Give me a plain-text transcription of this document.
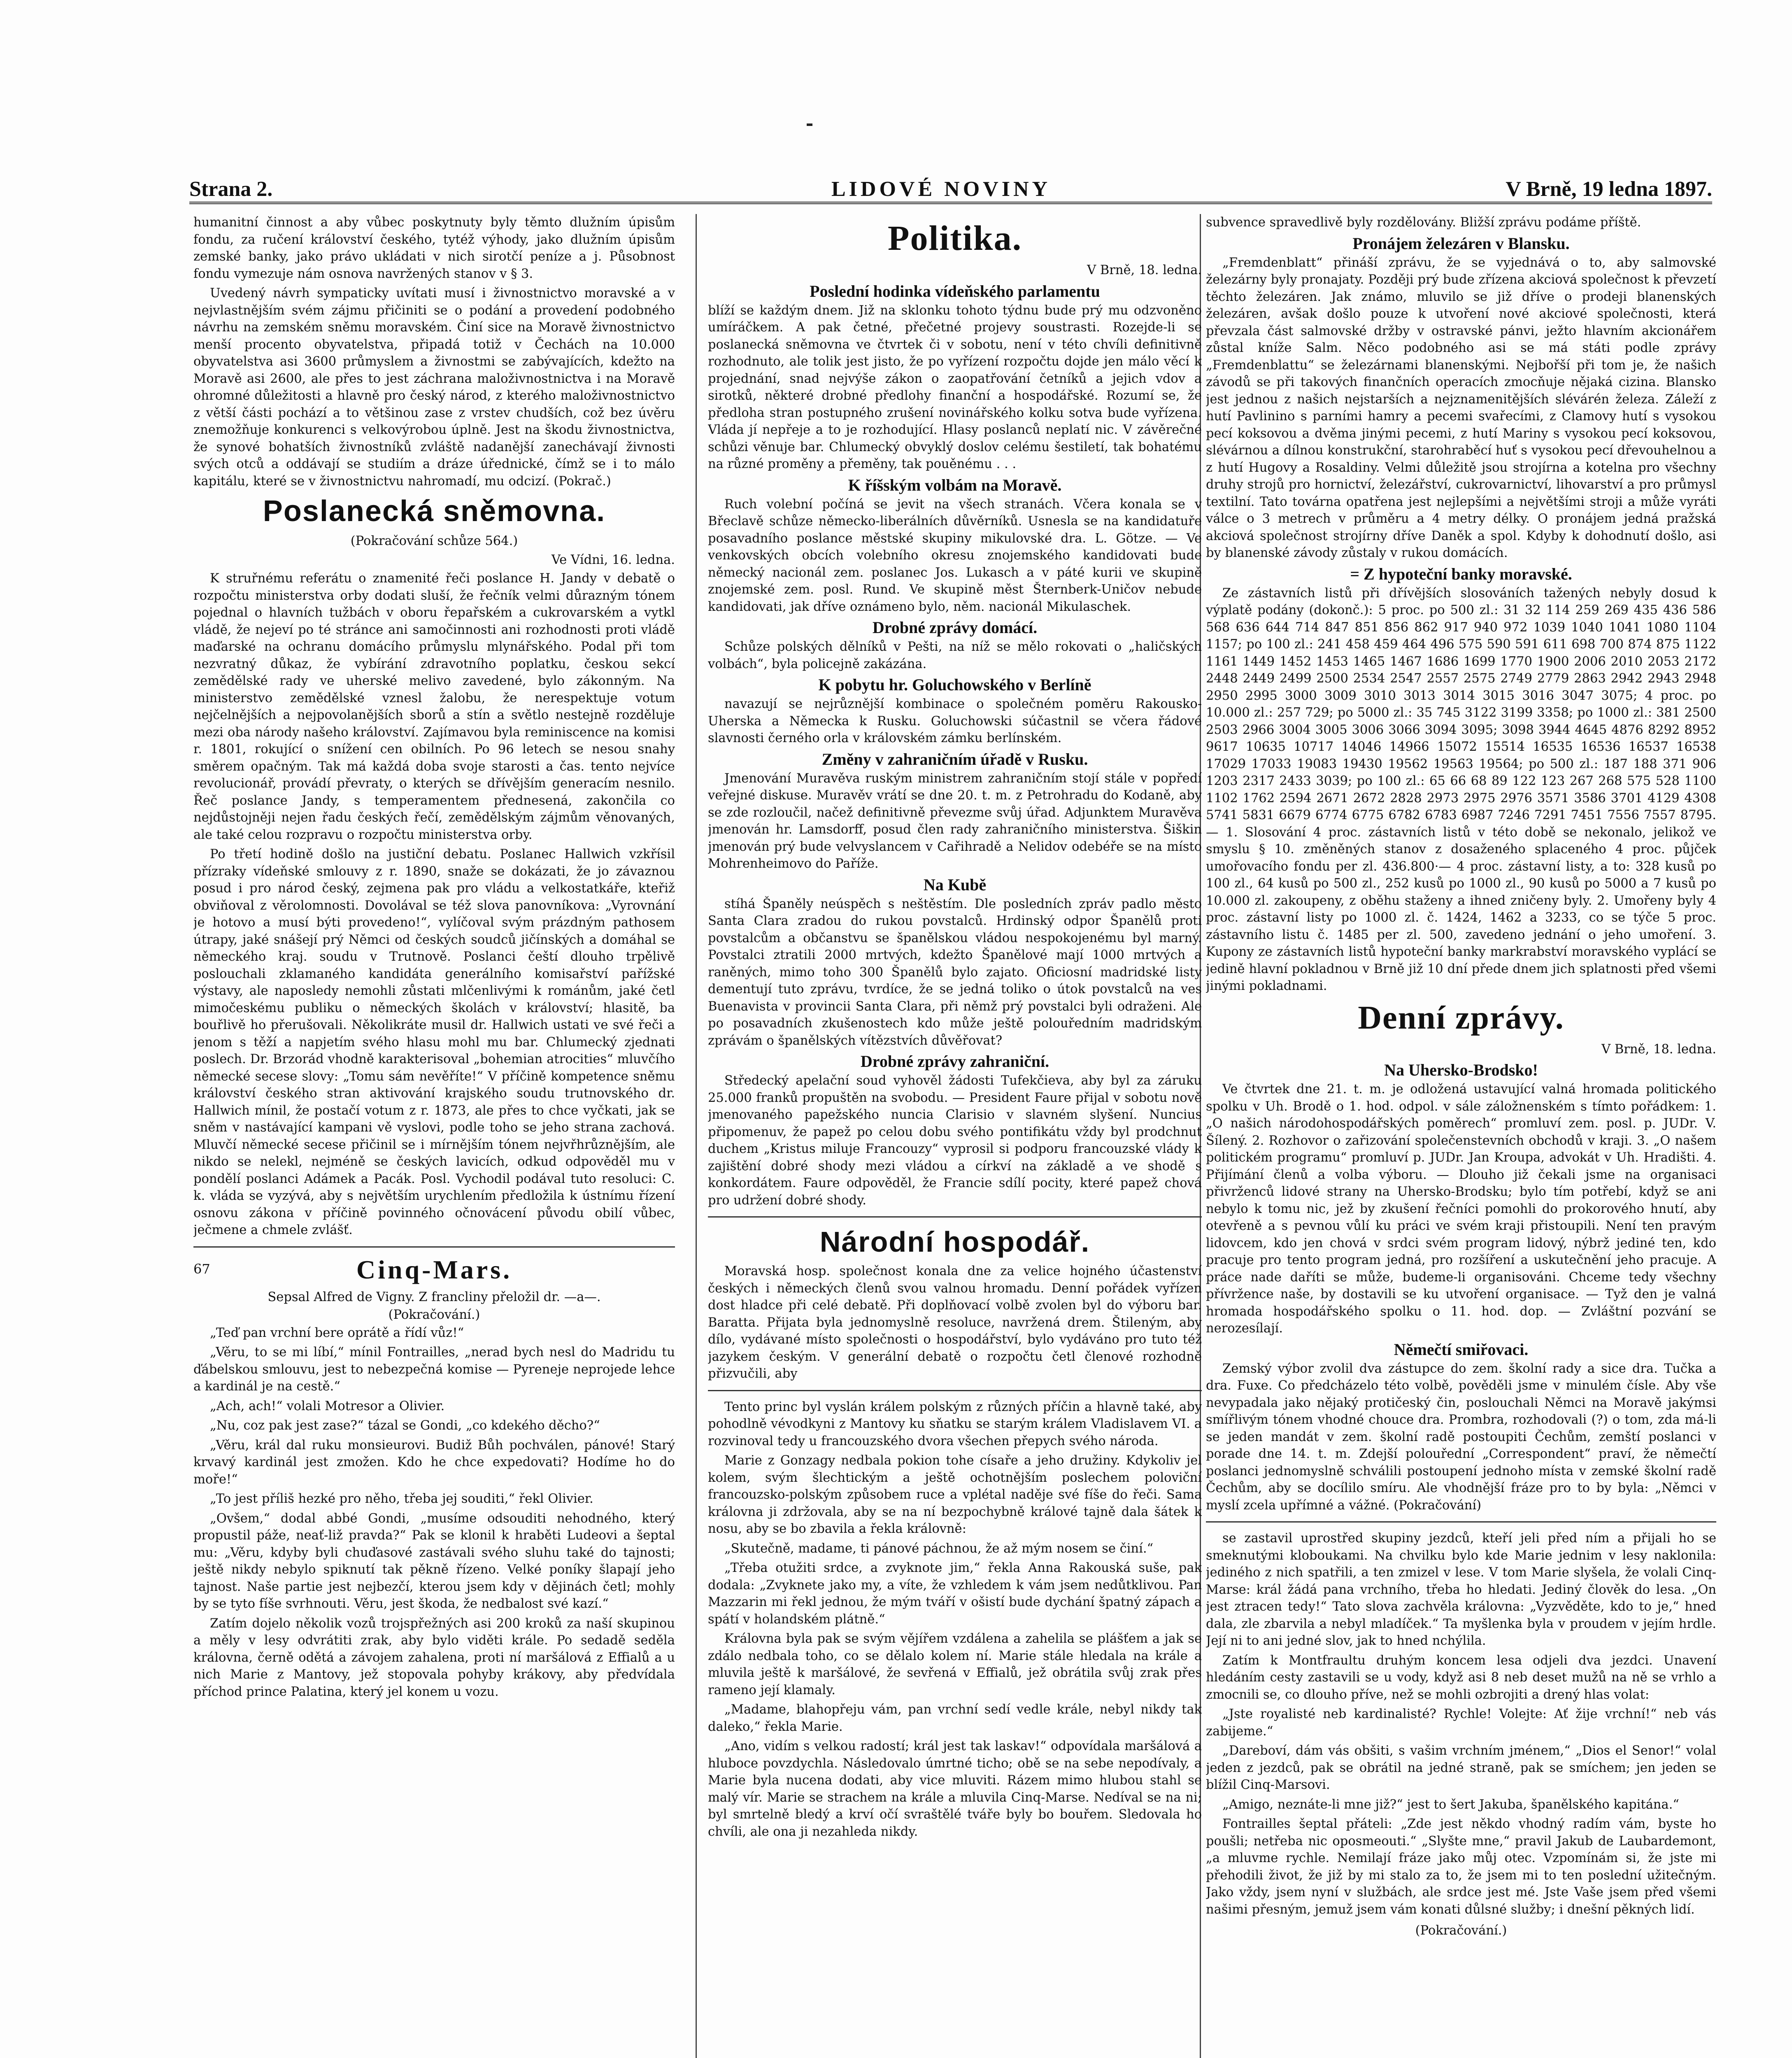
Strana 2.	LIDOVÉ NOVINY	V Brně, 19 ledna 1897.

humanitní činnost a aby vůbec poskytnuty byly těmto dlužním úpisům fondu, za ručení království českého, tytéž výhody, jako dlužním úpisům zemské banky, jako právo ukládati v nich sirotčí peníze a j. Působnost fondu vymezuje nám osnova navržených stanov v § 3.

Uvedený návrh sympaticky uvítati musí i živnostnictvo moravské a v nejvlastnějším svém zájmu přičiniti se o podání a provedení podobného návrhu na zemském sněmu moravském. Činí sice na Moravě živnostnictvo menší procento obyvatelstva, připadá totiž v Čechách na 10.000 obyvatelstva asi 3600 průmyslem a živnostmi se zabývajících, kdežto na Moravě asi 2600, ale přes to jest záchrana maloživnostnictva i na Moravě ohromné důležitosti a hlavně pro český národ, z kterého maloživnostnictvo z větší části pochází a to většinou zase z vrstev chudších, což bez úvěru znemožňuje konkurenci s velkovýrobou úplně. Jest na škodu živnostnictva, že synové bohatších živnostníků zvláště nadanější zanechávají živnosti svých otců a oddávají se studiím a dráze úřednické, čímž se i to málo kapitálu, které se v živnostnictvu nahromadí, mu odcizí. (Pokrač.)

Poslanecká sněmovna.

(Pokračování schůze 564.)

Ve Vídni, 16. ledna.

K struřnému referátu o znamenité řeči poslance H. Jandy v debatě o rozpočtu ministerstva orby dodati sluší, že řečník velmi důrazným tónem pojednal o hlavních tužbách v oboru řepařském a cukrovarském a vytkl vládě, že nejeví po té stránce ani samočinnosti ani rozhodnosti proti vládě maďarské na ochranu domácího průmyslu mlynářského. Podal při tom nezvratný důkaz, že vybírání zdravotního poplatku, českou sekcí zemědělské rady ve uherské melivo zavedené, bylo zákonným. Na ministerstvo zemědělské vznesl žalobu, že nerespektuje votum nejčelnějších a nejpovolanějších sborů a stín a světlo nestejně rozděluje mezi oba národy našeho království. Zajímavou byla reminiscence na komisi r. 1801, rokující o snížení cen obilních. Po 96 letech se nesou snahy směrem opačným. Tak má každá doba svoje starosti a čas. tento nejvíce revolucionář, provádí převraty, o kterých se dřívějším generacím nesnilo. Řeč poslance Jandy, s temperamentem přednesená, zakončila co nejdůstojněji nejen řadu českých řečí, zemědělským zájmům věnovaných, ale také celou rozpravu o rozpočtu ministerstva orby.

Po třetí hodině došlo na justiční debatu. Poslanec Hallwich vzkřísil přízraky vídeňské smlouvy z r. 1890, snaže se dokázati, že jo závaznou posud i pro národ český, zejmena pak pro vládu a velkostatkáře, kteřiž obviňoval z věrolomnosti. Dovolával se též slova panovníkova: „Vyrovnání je hotovo a musí býti provedeno!“, vylíčoval svým prázdným pathosem útrapy, jaké snášejí prý Němci od českých soudců jičínských a domáhal se německého kraj. soudu v Trutnově. Poslanci čeští dlouho trpělivě poslouchali zklamaného kandidáta generálního komisařství pařížské výstavy, ale naposledy nemohli zůstati mlčenlivými k románům, jaké četl mimočeskému publiku o německých školách v království; hlasitě, ba bouřlivě ho přerušovali. Několikráte musil dr. Hallwich ustati ve své řeči a jenom s těží a napjetím svého hlasu mohl mu bar. Chlumecký zjednati poslech. Dr. Brzorád vhodně karakterisoval „bohemian atrocities“ mluvčího německé secese slovy: „Tomu sám nevěříte!“ V příčině kompetence sněmu království českého stran aktivování krajského soudu trutnovského dr. Hallwich mínil, že postačí votum z r. 1873, ale přes to chce vyčkati, jak se sněm v nastávající kampani vě vyslovi, podle toho se jeho strana zachová. Mluvčí německé secese přičinil se i mírnějším tónem nejvřhrůznějším, ale nikdo se nelekl, nejméně se českých lavicích, odkud odpověděl mu v pondělí poslanci Adámek a Pacák. Posl. Vychodil podával tuto resoluci: C. k. vláda se vyzývá, aby s největším urychlením předložila k ústnímu řízení osnovu zákona v příčině povinného očnovácení původu obilí vůbec, ječmene a chmele zvlášť.

67	Cinq-Mars.

Sepsal Alfred de Vigny. Z francliny přeložil dr. —a—.

(Pokračování.)

„Teď pan vrchní bere oprátě a řídí vůz!“

„Věru, to se mi líbí,“ mínil Fontrailles, „nerad bych nesl do Madridu tu ďábelskou smlouvu, jest to nebezpečná komise — Pyreneje neprojede lehce a kardinál je na cestě.“

„Ach, ach!“ volali Motresor a Olivier.

„Nu, coz pak jest zase?“ tázal se Gondi, „co kdekého děcho?“

„Věru, král dal ruku monsieurovi. Budiž Bůh pochválen, pánové! Starý krvavý kardinál jest zmožen. Kdo he chce expedovati? Hodíme ho do moře!“

„To jest příliš hezké pro něho, třeba jej souditi,“ řekl Olivier.

„Ovšem,“ dodal abbé Gondi, „musíme odsouditi nehodného, který propustil páže, neať-liž pravda?“ Pak se klonil k hraběti Ludeovi a šeptal mu: „Věru, kdyby byli chuďasové zastávali svého sluhu také do tajnosti; ještě nikdy nebylo spiknutí tak pěkně řízeno. Velké poníky šlapají jeho tajnost. Naše partie jest nejbezčí, kterou jsem kdy v dějinách četl; mohly by se tyto fíše svrhnouti. Věru, jest škoda, že nedbalost své kazí.“

Zatím dojelo několik vozů trojspřežných asi 200 kroků za naší skupinou a měly v lesy odvrátiti zrak, aby bylo viděti krále. Po sedadě seděla královna, černě odětá a závojem zahalena, proti ní maršálová z Effialů a u nich Marie z Mantovy, jež stopovala pohyby krákovy, aby předvídala příchod prince Palatina, který jel konem u vozu.

Politika.

V Brně, 18. ledna.

Poslední hodinka vídeňského parlamentu

blíží se každým dnem. Již na sklonku tohoto týdnu bude prý mu odzvoněno umíráčkem. A pak četné, přečetné projevy soustrasti. Rozejde-li se poslanecká sněmovna ve čtvrtek či v sobotu, není v této chvíli definitivně rozhodnuto, ale tolik jest jisto, že po vyřízení rozpočtu dojde jen málo věcí k projednání, snad nejvýše zákon o zaopatřování četníků a jejich vdov a sirotků, některé drobné předlohy finanční a hospodářské. Rozumí se, že předloha stran postupného zrušení novinářského kolku sotva bude vyřízena. Vláda jí nepřeje a to je rozhodující. Hlasy poslanců neplatí nic. V závěrečné schůzi věnuje bar. Chlumecký obvyklý doslov celému šestiletí, tak bohatému na různé proměny a přeměny, tak pouěnému . . .

K říšským volbám na Moravě.

Ruch volební počíná se jevit na všech stranách. Včera konala se v Břeclavě schůze německo-liberálních důvěrníků. Usnesla se na kandidatuře posavadního poslance městské skupiny mikulovské dra. L. Götze. — Ve venkovských obcích volebního okresu znojemského kandidovati bude německý nacionál zem. poslanec Jos. Lukasch a v páté kurii ve skupině znojemské zem. posl. Rund. Ve skupině měst Šternberk-Uničov nebude kandidovati, jak dříve oznámeno bylo, něm. nacionál Mikulaschek.

Drobné zprávy domácí.

Schůze polských dělníků v Pešti, na níž se mělo rokovati o „haličských volbách“, byla policejně zakázána.

K pobytu hr. Goluchowského v Berlíně

navazují se nejrůznější kombinace o společném poměru Rakousko-Uherska a Německa k Rusku. Goluchowski súčastnil se včera řádové slavnosti černého orla v královském zámku berlínském.

Změny v zahraničním úřadě v Rusku.

Jmenování Muravěva ruským ministrem zahraničním stojí stále v popředí veřejné diskuse. Muravěv vrátí se dne 20. t. m. z Petrohradu do Kodaně, aby se zde rozloučil, načež definitivně převezme svůj úřad. Adjunktem Muravěva jmenován hr. Lamsdorff, posud člen rady zahraničního ministerstva. Šiškin jmenován prý bude velvyslancem v Cařihradě a Nelidov odebéře se na místo Mohrenheimovo do Paříže.

Na Kubě

stíhá Španěly neúspěch s neštěstím. Dle posledních zpráv padlo město Santa Clara zradou do rukou povstalců. Hrdinský odpor Španělů proti povstalcům a občanstvu se španělskou vládou nespokojenému byl marný. Povstalci ztratili 2000 mrtvých, kdežto Španělové mají 1000 mrtvých a raněných, mimo toho 300 Španělů bylo zajato. Oficiosní madridské listy dementují tuto zprávu, tvrdíce, že se jedná toliko o útok povstalců na ves Buenavista v provincii Santa Clara, při němž prý povstalci byli odraženi. Ale po posavadních zkušenostech kdo může ještě polouředním madridským zprávám o španělských vítězstvích důvěřovat?

Drobné zprávy zahraniční.

Středecký apelační soud vyhověl žádosti Tufekčieva, aby byl za záruku 25.000 franků propuštěn na svobodu. — President Faure přijal v sobotu nově jmenovaného papežského nuncia Clarisio v slavném slyšení. Nuncius připomenuv, že papež po celou dobu svého pontifikátu vždy byl prodchnut duchem „Kristus miluje Francouzy“ vyprosil si podporu francouzské vlády k zajištění dobré shody mezi vládou a církví na základě a ve shodě s konkordátem. Faure odpověděl, že Francie sdílí pocity, které papež chová pro udržení dobré shody.

Národní hospodář.

Moravská hosp. společnost konala dne za velice hojného účastenství českých i německých členů svou valnou hromadu. Denní pořádek vyřízen dost hladce při celé debatě. Při doplňovací volbě zvolen byl do výboru bar. Baratta. Přijata byla jednomyslně resoluce, navržená drem. Štileným, aby dílo, vydávané místo společnosti o hospodářství, bylo vydáváno pro tuto též jazykem českým. V generální debatě o rozpočtu četl členové rozhodně přizvučili, aby

Tento princ byl vyslán králem polským z různých příčin a hlavně také, aby pohodlně vévodkyni z Mantovy ku sňatku se starým králem Vladislavem VI. a rozvinoval tedy u francouzského dvora všechen přepych svého národa.

Marie z Gonzagy nedbala pokion tohe císaře a jeho družiny. Kdykoliv jel kolem, svým šlechtickým a ještě ochotnějším poslechem poloviční francouzsko-polským způsobem ruce a vplétal naděje své fíše do řeči. Sama královna ji zdržovala, aby se na ní bezpochybně králové tajně dala šátek k nosu, aby se bo zbavila a řekla královně:

„Skutečně, madame, ti pánové páchnou, že až mým nosem se činí.“

„Třeba otužiti srdce, a zvyknote jim,“ řekla Anna Rakouská suše, pak dodala: „Zvyknete jako my, a víte, že vzhledem k vám jsem nedůtklivou. Pan Mazzarin mi řekl jednou, že mým tváří v ošistí bude dychání špatný zápach a spátí v holandském plátně.“

Královna byla pak se svým vějířem vzdálena a zahelila se plášťem a jak se zdálo nedbala toho, co se dělalo kolem ní. Marie stále hledala na krále a mluvila ještě k maršálové, že sevřená v Effialů, jež obrátila svůj zrak přes rameno její klamaly.

„Madame, blahopřeju vám, pan vrchní sedí vedle krále, nebyl nikdy tak daleko,“ řekla Marie.

„Ano, vidím s velkou radostí; král jest tak laskav!“ odpovídala maršálová a hluboce povzdychla. Následovalo úmrtné ticho; obě se na sebe nepodívaly, a Marie byla nucena dodati, aby vice mluviti. Rázem mimo hlubou stahl se malý vír. Marie se strachem na krále a mluvila Cinq-Marse. Nedíval se na ni; byl smrtelně bledý a krví očí svraštělé tváře byly bo bouřem. Sledovala ho chvíli, ale ona ji nezahleda nikdy.

subvence spravedlivě byly rozdělovány. Bližší zprávu podáme příště.

Pronájem železáren v Blansku.

„Fremdenblatt“ přináší zprávu, že se vyjednává o to, aby salmovské železárny byly pronajaty. Později prý bude zřízena akciová společnost k převzetí těchto železáren. Jak známo, mluvilo se již dříve o prodeji blanenských železáren, avšak došlo pouze k utvoření nové akciové společnosti, která převzala část salmovské držby v ostravské pánvi, ježto hlavním akcionářem zůstal kníže Salm. Něco podobného asi se má státi podle zprávy „Fremdenblattu“ se železárnami blanenskými. Nejbořší při tom je, že našich závodů se při takových finančních operacích zmocňuje nějaká cizina. Blansko jest jednou z našich nejstarších a nejznamenitějších slévárén železa. Záleží z hutí Pavlinino s parními hamry a pecemi svařecími, z Clamovy hutí s vysokou pecí koksovou a dvěma jinými pecemi, z hutí Mariny s vysokou pecí koksovou, slévárnou a dílnou konstrukční, starohraběcí huť s vysokou pecí dřevouhelnou a z hutí Hugovy a Rosaldiny. Velmi důležitě jsou strojírna a kotelna pro všechny druhy strojů pro hornictví, železářství, cukrovarnictví, lihovarství a pro průmysl textilní. Tato továrna opatřena jest nejlepšími a největšími stroji a může vyráti válce o 3 metrech v průměru a 4 metry délky. O pronájem jedná pražská akciová společnost strojírny dříve Daněk a spol. Kdyby k dohodnutí došlo, asi by blanenské závody zůstaly v rukou domácích.

= Z hypoteční banky moravské.

Ze zástavních listů při dřívějších slosováních tažených nebyly dosud k výplatě podány (dokonč.): 5 proc. po 500 zl.: 31 32 114 259 269 435 436 586 568 636 644 714 847 851 856 862 917 940 972 1039 1040 1041 1080 1104 1157; po 100 zl.: 241 458 459 464 496 575 590 591 611 698 700 874 875 1122 1161 1449 1452 1453 1465 1467 1686 1699 1770 1900 2006 2010 2053 2172 2448 2449 2499 2500 2534 2547 2557 2575 2749 2779 2863 2942 2943 2948 2950 2995 3000 3009 3010 3013 3014 3015 3016 3047 3075; 4 proc. po 10.000 zl.: 257 729; po 5000 zl.: 35 745 3122 3199 3358; po 1000 zl.: 381 2500 2503 2966 3004 3005 3006 3066 3094 3095; 3098 3944 4645 4876 8292 8952 9617 10635 10717 14046 14966 15072 15514 16535 16536 16537 16538 17029 17033 19083 19430 19562 19563 19564; po 500 zl.: 187 188 371 906 1203 2317 2433 3039; po 100 zl.: 65 66 68 89 122 123 267 268 575 528 1100 1102 1762 2594 2671 2672 2828 2973 2975 2976 3571 3586 3701 4129 4308 5741 5831 6679 6774 6775 6782 6783 6987 7246 7291 7451 7556 7557 8795. — 1. Slosování 4 proc. zástavních listů v této době se nekonalo, jelikož ve smyslu § 10. změněných stanov z dosaženého splaceného 4 proc. půjček umořovacího fondu per zl. 436.800·— 4 proc. zástavní listy, a to: 328 kusů po 100 zl., 64 kusů po 500 zl., 252 kusů po 1000 zl., 90 kusů po 5000 a 7 kusů po 10.000 zl. zakoupeny, z oběhu staženy a ihned zničeny byly. 2. Umořeny byly 4 proc. zástavní listy po 1000 zl. č. 1424, 1462 a 3233, co se týče 5 proc. zástavního listu č. 1485 per zl. 500, zavedeno jednání o jeho umoření. 3. Kupony ze zástavních listů hypoteční banky markrabství moravského vyplácí se jedině hlavní pokladnou v Brně již 10 dní přede dnem jich splatnosti před všemi jinými pokladnami.

Denní zprávy.

V Brně, 18. ledna.

Na Uhersko-Brodsko!

Ve čtvrtek dne 21. t. m. je odložená ustavující valná hromada politického spolku v Uh. Brodě o 1. hod. odpol. v sále záložnenském s tímto pořádkem: 1. „O našich národohospodářských poměrech“ promluví zem. posl. p. JUDr. V. Šílený. 2. Rozhovor o zařizování společenstevních obchodů v kraji. 3. „O našem politickém programu“ promluví p. JUDr. Jan Kroupa, advokát v Uh. Hradišti. 4. Přijímání členů a volba výboru. — Dlouho již čekali jsme na organisaci přivrženců lidové strany na Uhersko-Brodsku; bylo tím potřebí, když se ani nebylo k tomu nic, jež by zkušení řečníci pomohli do prokorového hnutí, aby otevřeně a s pevnou vůlí ku práci ve svém kraji přistoupili. Není ten pravým lidovcem, kdo jen chová v srdci svém program lidový, nýbrž jediné ten, kdo pracuje pro tento program jedná, pro rozšíření a uskutečnění jeho pracuje. A práce nade daříti se může, budeme-li organisováni. Chceme tedy všechny přívržence naše, by dostavili se ku utvoření organisace. — Tyž den je valná hromada hospodářského spolku o 11. hod. dop. — Zvláštní pozvání se nerozesílají.

Němečtí smiřovaci.

Zemský výbor zvolil dva zástupce do zem. školní rady a sice dra. Tučka a dra. Fuxe. Co předcházelo této volbě, pověděli jsme v minulém čísle. Aby vše nevypadala jako nějaký protičeský čin, poslouchali Němci na Moravě jakýmsi smířlivým tónem vhodné chouce dra. Prombra, rozhodovali (?) o tom, zda má-li se jeden mandát v zem. školní radě postoupiti Čechům, zemští poslanci v porade dne 14. t. m. Zdejší polouřední „Correspondent“ praví, že němečtí poslanci jednomyslně schválili postoupení jednoho místa v zemské školní radě Čechům, aby se docílilo smíru. Ale vhodnější fráze pro to by byla: „Němci v myslí zcela upřímné a vážné. (Pokračování)

se zastavil uprostřed skupiny jezdců, kteří jeli před ním a přijali ho se smeknutými kloboukami. Na chvilku bylo kde Marie jednim v lesy naklonila: jediného z nich spatřili, a ten zmizel v lese. V tom Marie slyšela, že volali Cinq-Marse: král žádá pana vrchního, třeba ho hledati. Jediný člověk do lesa. „On jest ztracen tedy!“ Tato slova zachvěla královna: „Vyzvěděte, kdo to je,“ hned dala, zle zbarvila a nebyl mladíček.“ Ta myšlenka byla v proudem v jejím hrdle. Její ni to ani jedné slov, jak to hned nchýlila.

Zatím k Montfraultu druhým koncem lesa odjeli dva jezdci. Unavení hledáním cesty zastavili se u vody, když asi 8 neb deset mužů na ně se vrhlo a zmocnili se, co dlouho příve, než se mohli ozbrojiti a drený hlas volat:

„Jste royalisté neb kardinalisté? Rychle! Volejte: Ať žije vrchní!“ neb vás zabijeme.“

„Dareboví, dám vás obšiti, s vašim vrchním jménem,“ „Dios el Senor!“ volal jeden z jezdců, pak se obrátil na jedné straně, pak se smíchem; jen jeden se blížil Cinq-Marsovi.

„Amigo, neznáte-li mne již?“ jest to šert Jakuba, španělského kapitána.“

Fontrailles šeptal přáteli: „Zde jest někdo vhodný radím vám, byste ho poušli; netřeba nic oposmeouti.“ „Slyšte mne,“ pravil Jakub de Laubardemont, „a mluvme rychle. Nemilají fráze jako můj otec. Vzpomínám si, že jste mi přehodili život, že již by mi stalo za to, že jsem mi to ten poslední užitečným. Jako vždy, jsem nyní v službách, ale srdce jest mé. Jste Vaše jsem před všemi našimi přesným, jemuž jsem vám konati důlsné služby; i dnešní pěkných lidí.

(Pokračování.)
